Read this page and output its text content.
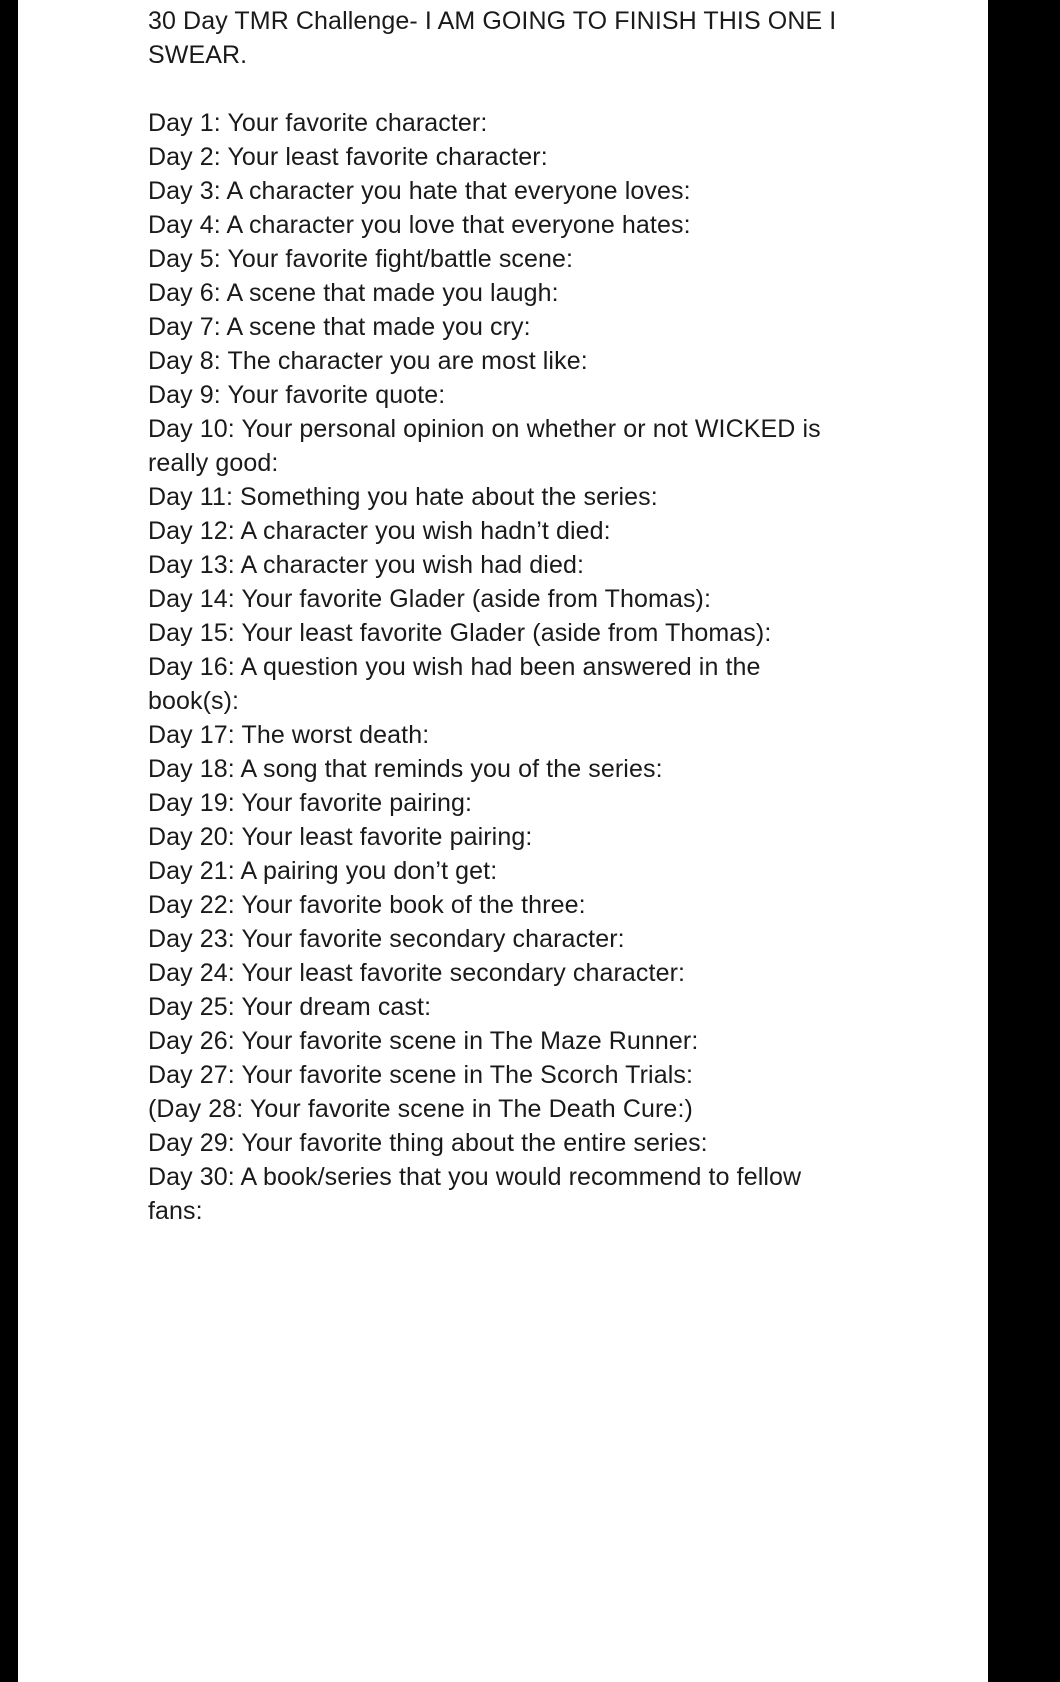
30 Day TMR Challenge- I AM GOING TO FINISH THIS ONE I SWEAR.

Day 1: Your favorite character:
Day 2: Your least favorite character:
Day 3: A character you hate that everyone loves:
Day 4: A character you love that everyone hates:
Day 5: Your favorite fight/battle scene:
Day 6: A scene that made you laugh:
Day 7: A scene that made you cry:
Day 8: The character you are most like:
Day 9: Your favorite quote:
Day 10: Your personal opinion on whether or not WICKED is really good:
Day 11: Something you hate about the series:
Day 12: A character you wish hadn’t died:
Day 13: A character you wish had died:
Day 14: Your favorite Glader (aside from Thomas):
Day 15: Your least favorite Glader (aside from Thomas):
Day 16: A question you wish had been answered in the book(s):
Day 17: The worst death:
Day 18: A song that reminds you of the series:
Day 19: Your favorite pairing:
Day 20: Your least favorite pairing:
Day 21: A pairing you don’t get:
Day 22: Your favorite book of the three:
Day 23: Your favorite secondary character:
Day 24: Your least favorite secondary character:
Day 25: Your dream cast:
Day 26: Your favorite scene in The Maze Runner:
Day 27: Your favorite scene in The Scorch Trials:
(Day 28: Your favorite scene in The Death Cure:)
Day 29: Your favorite thing about the entire series:
Day 30: A book/series that you would recommend to fellow fans:
